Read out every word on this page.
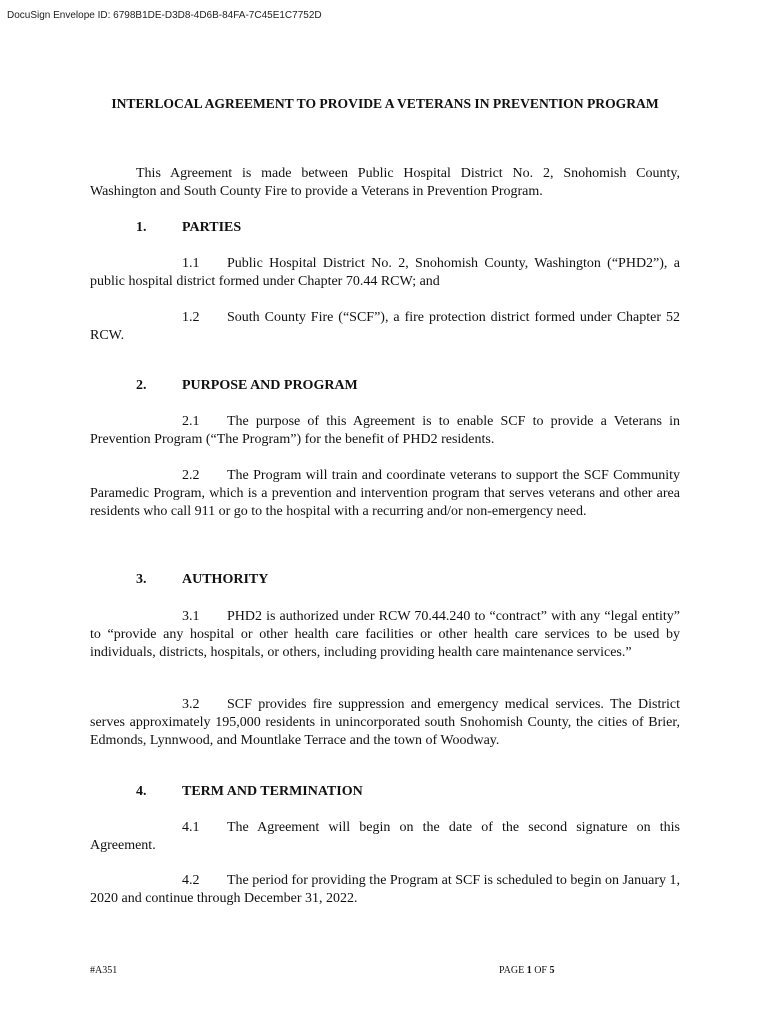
DocuSign Envelope ID: 6798B1DE-D3D8-4D6B-84FA-7C45E1C7752D
INTERLOCAL AGREEMENT TO PROVIDE A VETERANS IN PREVENTION PROGRAM
This Agreement is made between Public Hospital District No. 2, Snohomish County, Washington and South County Fire to provide a Veterans in Prevention Program.
1.	PARTIES
1.1 Public Hospital District No. 2, Snohomish County, Washington (“PHD2”), a public hospital district formed under Chapter 70.44 RCW; and
1.2 South County Fire (“SCF”), a fire protection district formed under Chapter 52 RCW.
2.	PURPOSE AND PROGRAM
2.1 The purpose of this Agreement is to enable SCF to provide a Veterans in Prevention Program (“The Program”) for the benefit of PHD2 residents.
2.2 The Program will train and coordinate veterans to support the SCF Community Paramedic Program, which is a prevention and intervention program that serves veterans and other area residents who call 911 or go to the hospital with a recurring and/or non-emergency need.
3.	AUTHORITY
3.1 PHD2 is authorized under RCW 70.44.240 to “contract” with any “legal entity” to “provide any hospital or other health care facilities or other health care services to be used by individuals, districts, hospitals, or others, including providing health care maintenance services.”
3.2 SCF provides fire suppression and emergency medical services. The District serves approximately 195,000 residents in unincorporated south Snohomish County, the cities of Brier, Edmonds, Lynnwood, and Mountlake Terrace and the town of Woodway.
4.	TERM AND TERMINATION
4.1 The Agreement will begin on the date of the second signature on this Agreement.
4.2 The period for providing the Program at SCF is scheduled to begin on January 1, 2020 and continue through December 31, 2022.
#A351	PAGE 1 OF 5
